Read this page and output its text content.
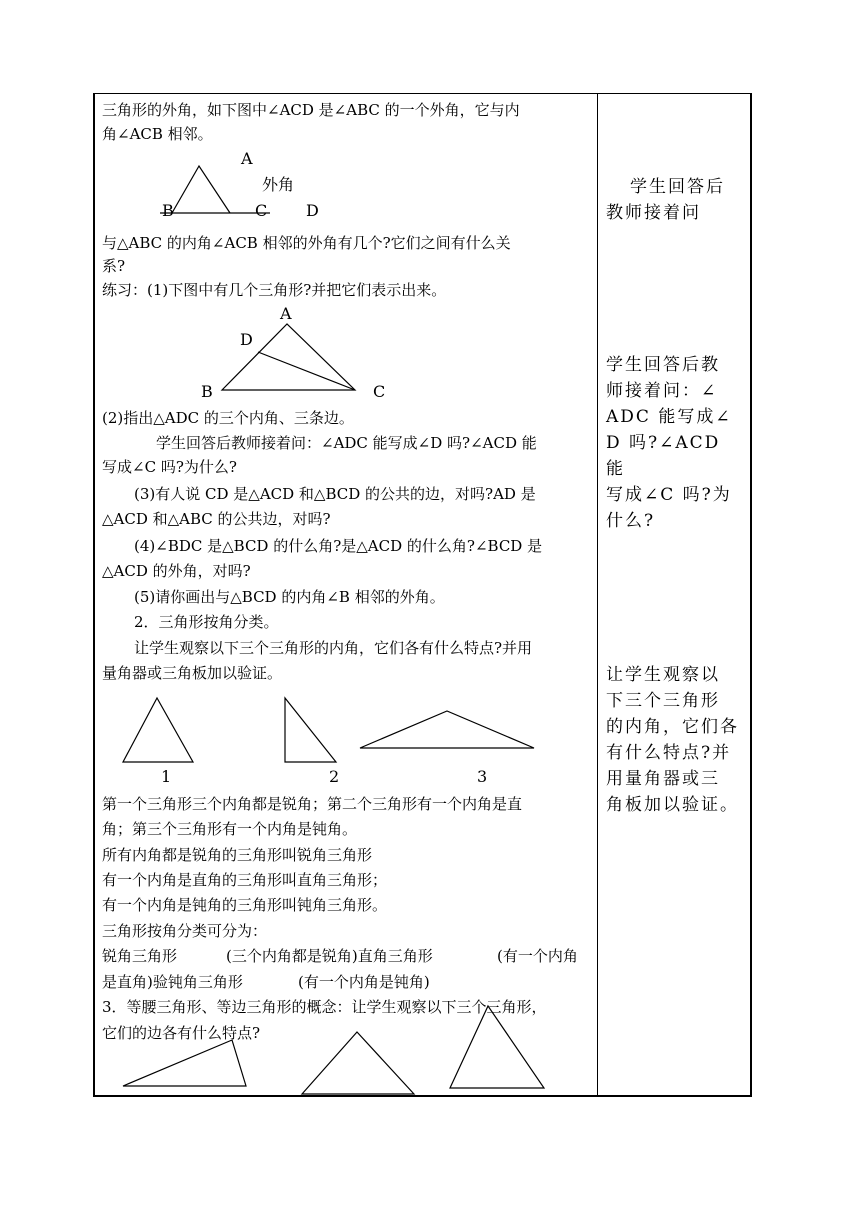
三角形的外角，如下图中∠ACD 是∠ABC 的一个外角，它与内
角∠ACB 相邻。
A
外角
B	C D
与△ABC 的内角∠ACB 相邻的外角有几个?它们之间有什么关
系?
练习：(1)下图中有几个三角形?并把它们表示出来。
A
D
B	C
(2)指出△ADC 的三个内角、三条边。
学生回答后教师接着问：∠ADC 能写成∠D 吗?∠ACD 能
写成∠C 吗?为什么?
(3)有人说 CD 是△ACD 和△BCD 的公共的边，对吗?AD 是
△ACD 和△ABC 的公共边，对吗?
(4)∠BDC 是△BCD 的什么角?是△ACD 的什么角?∠BCD 是
△ACD 的外角，对吗?
(5)请你画出与△BCD 的内角∠B 相邻的外角。
2．三角形按角分类。
让学生观察以下三个三角形的内角，它们各有什么特点?并用
量角器或三角板加以验证。
1	2	3
第一个三角形三个内角都是锐角；第二个三角形有一个内角是直
角；第三个三角形有一个内角是钝角。
所有内角都是锐角的三角形叫锐角三角形
有一个内角是直角的三角形叫直角三角形；
有一个内角是钝角的三角形叫钝角三角形。
三角形按角分类可分为：
锐角三角形	(三个内角都是锐角)直角三角形	(有一个内角
是直角)验钝角三角形	(有一个内角是钝角)
3．等腰三角形、等边三角形的概念：让学生观察以下三个三角形，
它们的边各有什么特点?
学生回答后
教师接着问
学生回答后教
师接着问：∠
ADC 能写成∠
D 吗?∠ACD 能
写成∠C 吗?为
什么?
让学生观察以
下三个三角形
的内角，它们各
有什么特点?并
用量角器或三
角板加以验证。
